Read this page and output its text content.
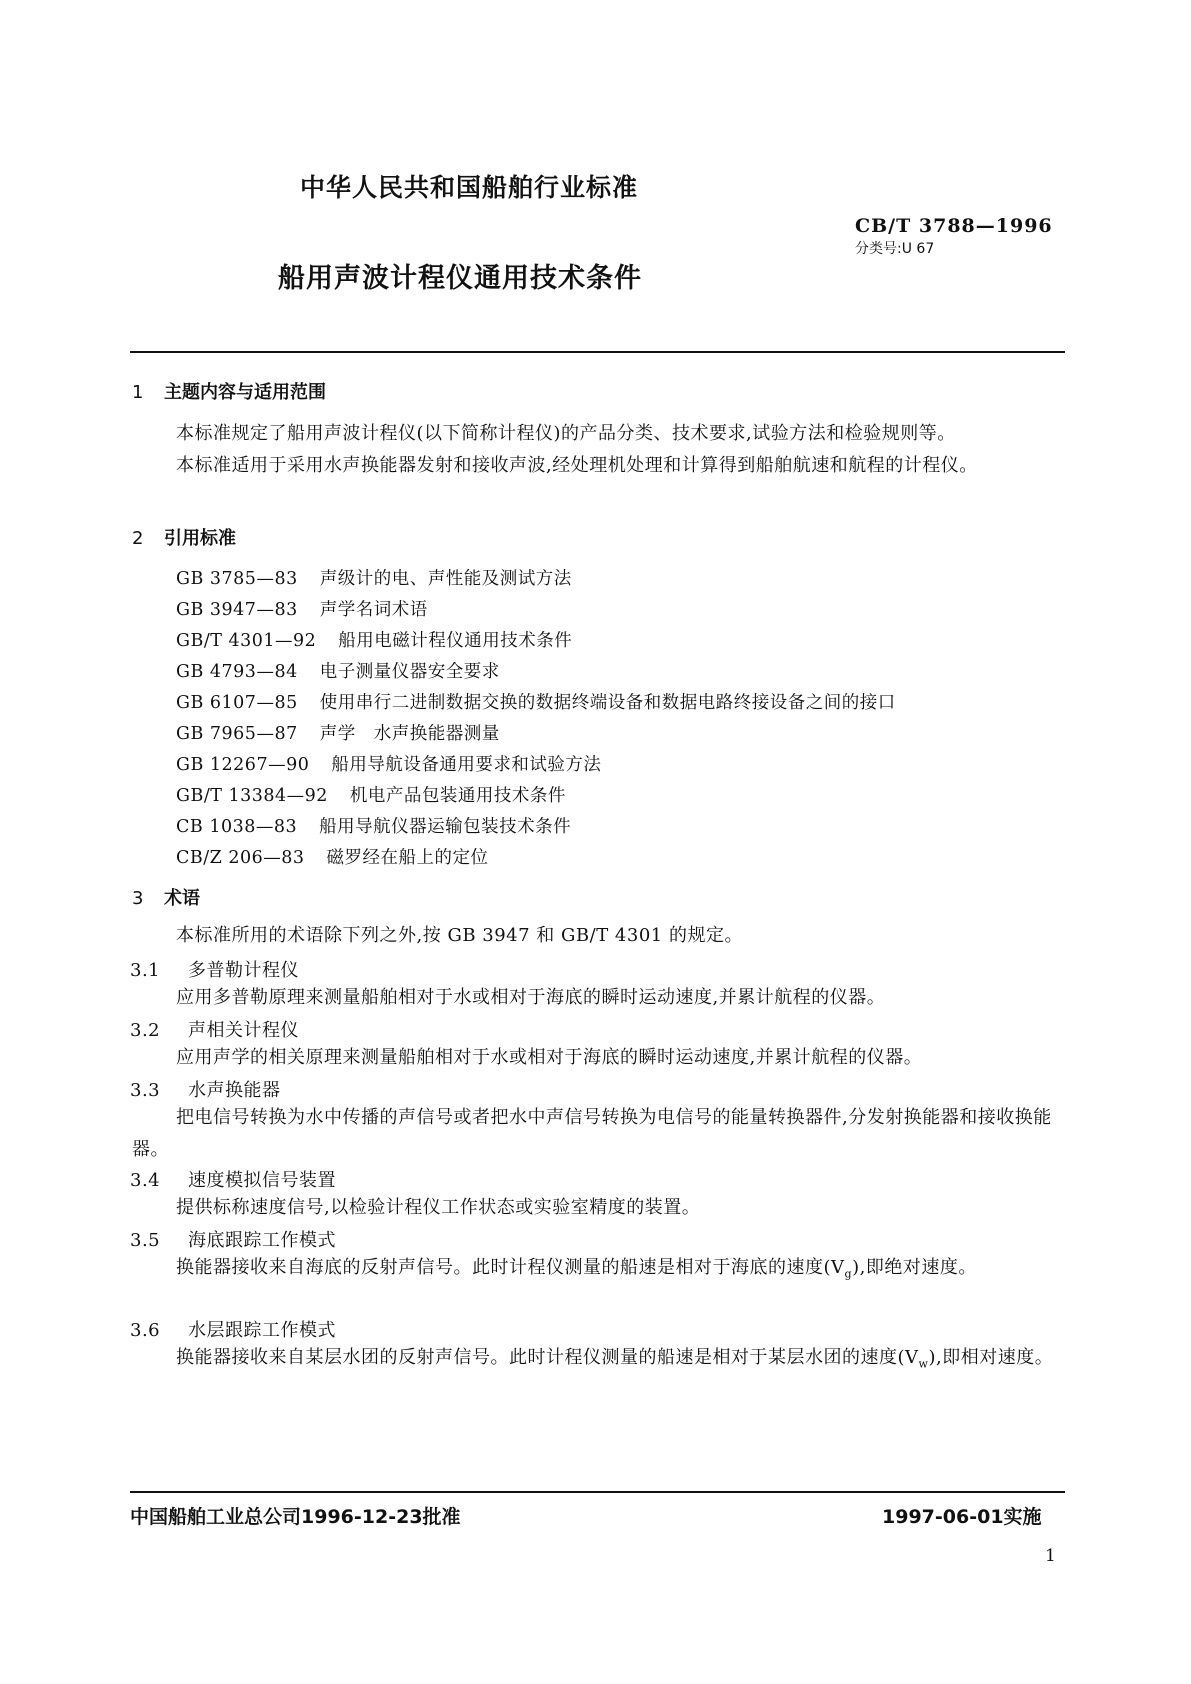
中华人民共和国船舶行业标准
CB/T 3788—1996
分类号:U 67
船用声波计程仪通用技术条件
1 主题内容与适用范围
本标准规定了船用声波计程仪(以下简称计程仪)的产品分类、技术要求,试验方法和检验规则等。
本标准适用于采用水声换能器发射和接收声波,经处理机处理和计算得到船舶航速和航程的计程仪。
2 引用标准
GB 3785—83 声级计的电、声性能及测试方法
GB 3947—83 声学名词术语
GB/T 4301—92 船用电磁计程仪通用技术条件
GB 4793—84 电子测量仪器安全要求
GB 6107—85 使用串行二进制数据交换的数据终端设备和数据电路终接设备之间的接口
GB 7965—87 声学　水声换能器测量
GB 12267—90 船用导航设备通用要求和试验方法
GB/T 13384—92 机电产品包装通用技术条件
CB 1038—83 船用导航仪器运输包装技术条件
CB/Z 206—83 磁罗经在船上的定位
3 术语
本标准所用的术语除下列之外,按 GB 3947 和 GB/T 4301 的规定。
3.1 多普勒计程仪
应用多普勒原理来测量船舶相对于水或相对于海底的瞬时运动速度,并累计航程的仪器。
3.2 声相关计程仪
应用声学的相关原理来测量船舶相对于水或相对于海底的瞬时运动速度,并累计航程的仪器。
3.3 水声换能器
把电信号转换为水中传播的声信号或者把水中声信号转换为电信号的能量转换器件,分发射换能器和接收换能器。
3.4 速度模拟信号装置
提供标称速度信号,以检验计程仪工作状态或实验室精度的装置。
3.5 海底跟踪工作模式
换能器接收来自海底的反射声信号。此时计程仪测量的船速是相对于海底的速度$(V_g)$,即绝对速度。
3.6 水层跟踪工作模式
换能器接收来自某层水团的反射声信号。此时计程仪测量的船速是相对于某层水团的速度$(V_w)$,即相对速度。
中国船舶工业总公司1996-12-23批准	1997-06-01实施
1
